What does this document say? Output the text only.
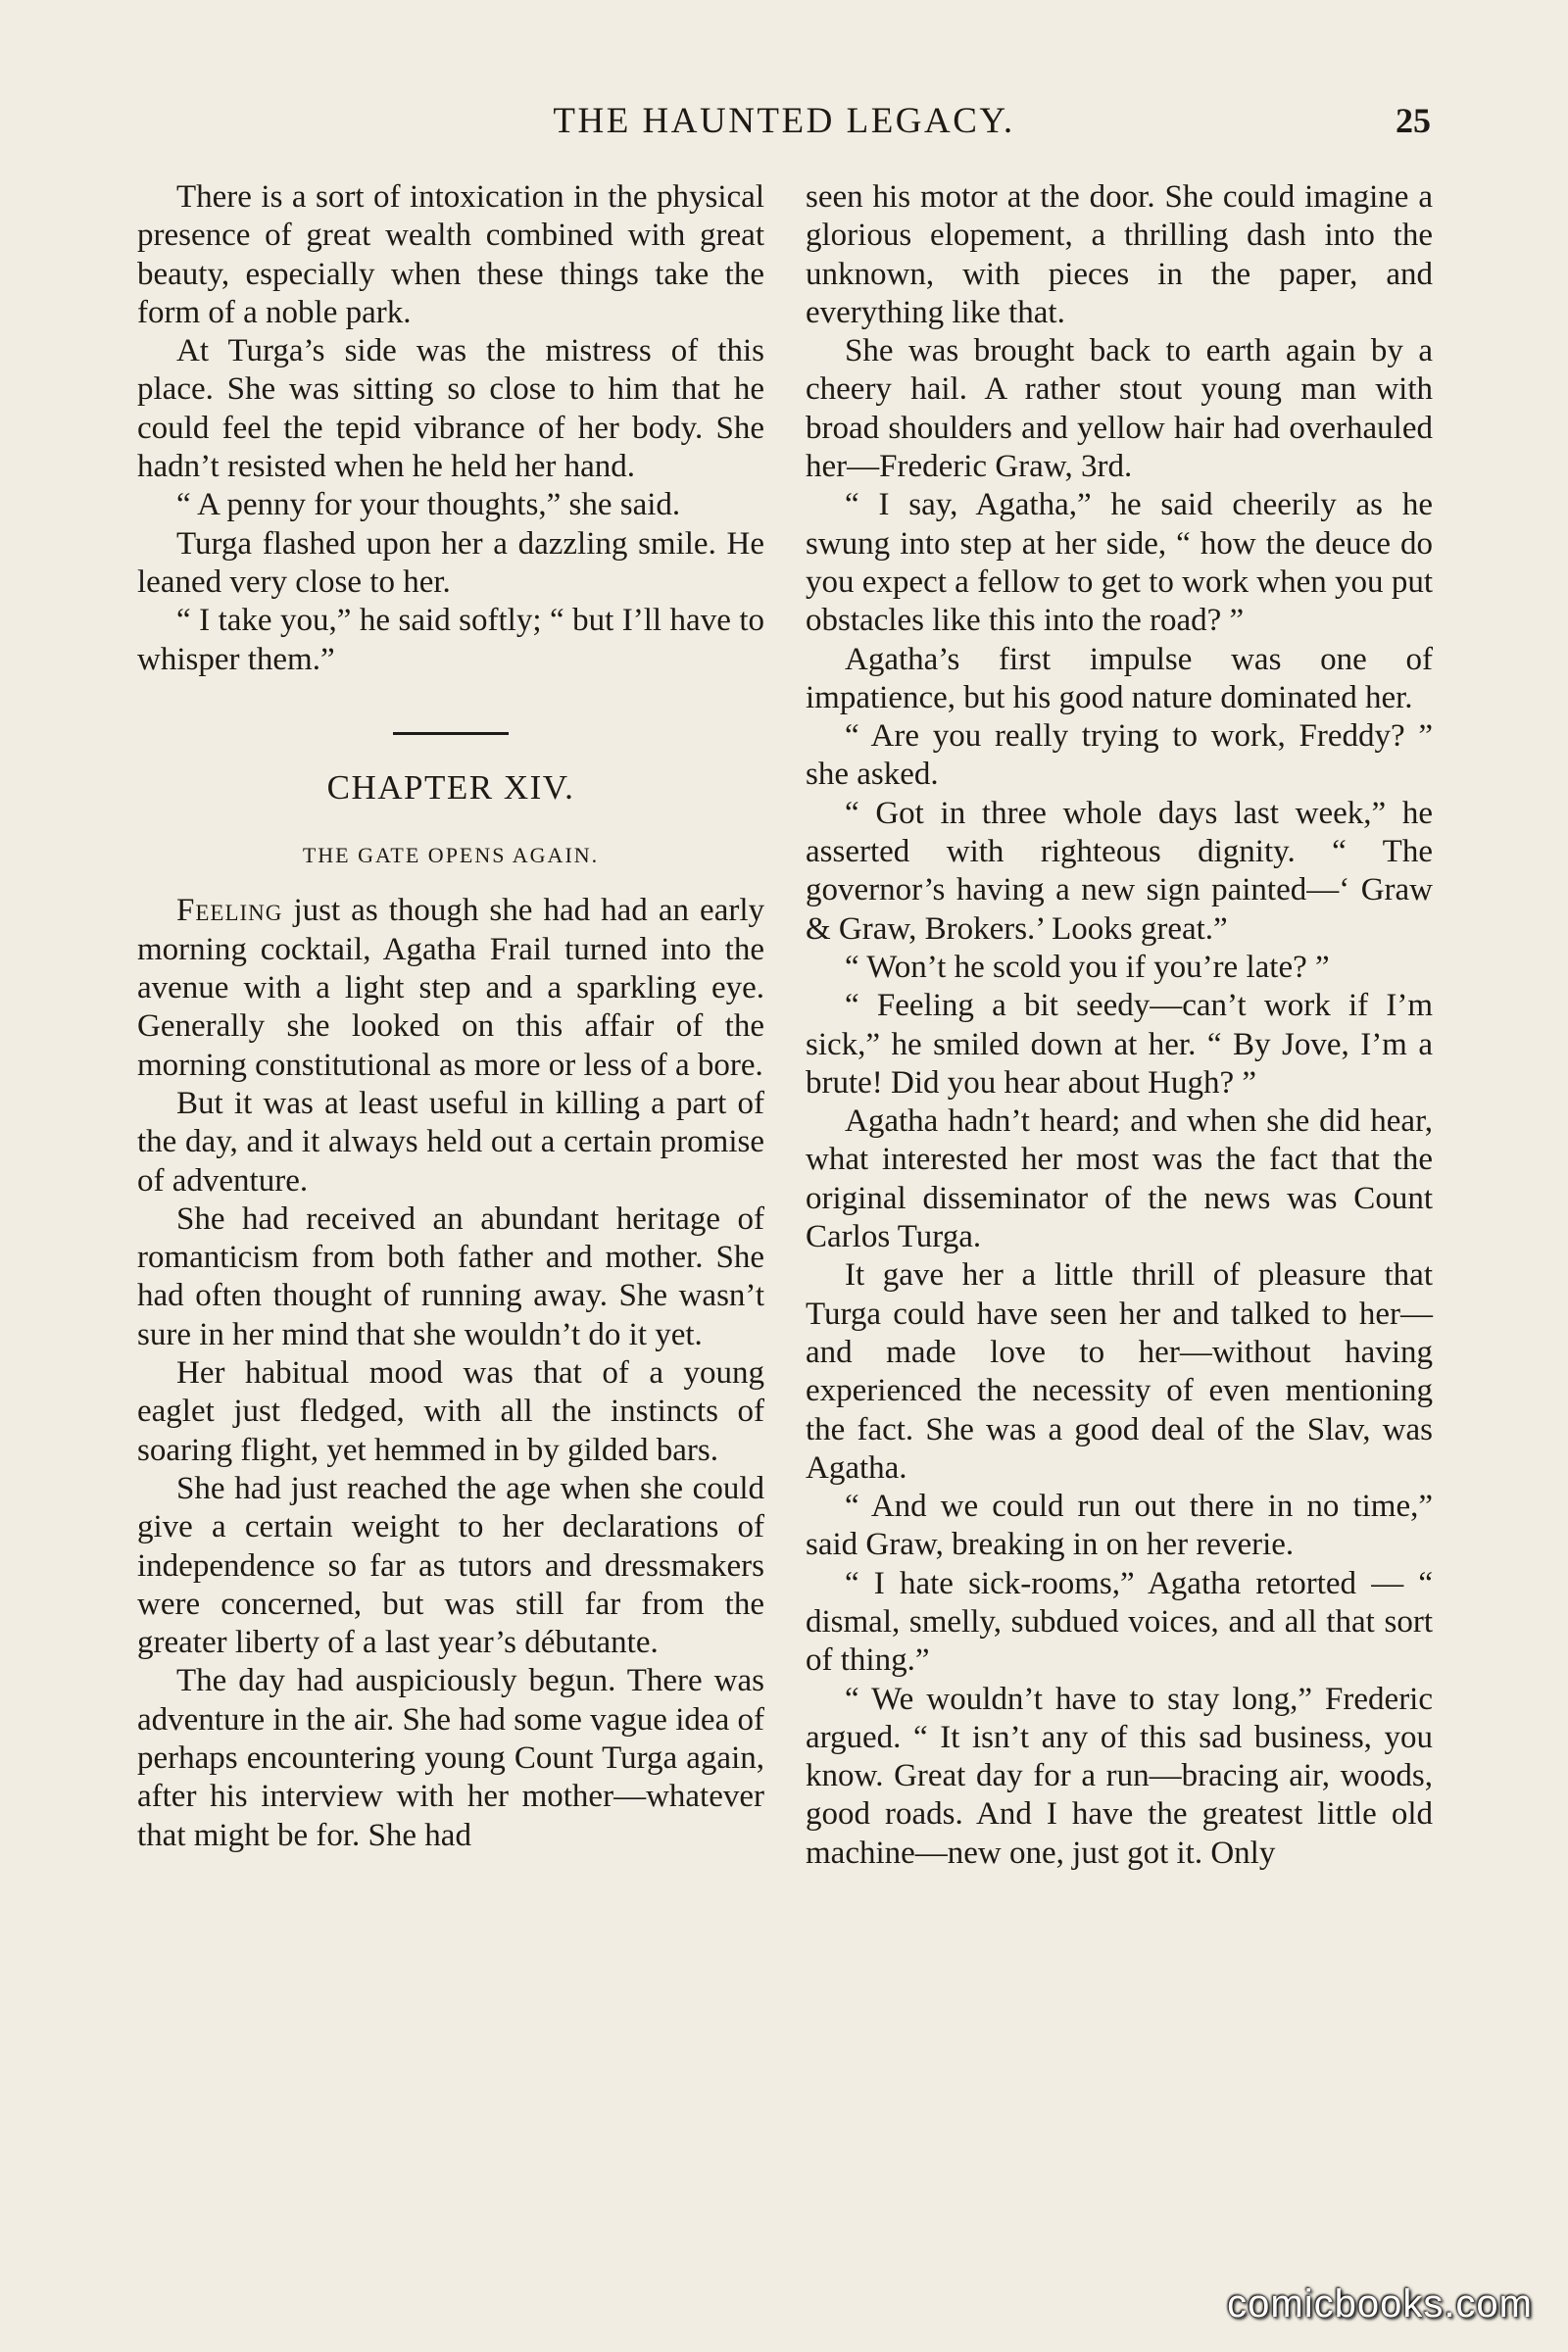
THE HAUNTED LEGACY.	25

There is a sort of intoxication in the physical presence of great wealth combined with great beauty, especially when these things take the form of a noble park.

At Turga’s side was the mistress of this place. She was sitting so close to him that he could feel the tepid vibrance of her body. She hadn’t resisted when he held her hand.

“ A penny for your thoughts,” she said.

Turga flashed upon her a dazzling smile. He leaned very close to her.

“ I take you,” he said softly; “ but I’ll have to whisper them.”

CHAPTER XIV.
THE GATE OPENS AGAIN.

Feeling just as though she had had an early morning cocktail, Agatha Frail turned into the avenue with a light step and a sparkling eye. Generally she looked on this affair of the morning constitutional as more or less of a bore.

But it was at least useful in killing a part of the day, and it always held out a certain promise of adventure.

She had received an abundant heritage of romanticism from both father and mother. She had often thought of running away. She wasn’t sure in her mind that she wouldn’t do it yet.

Her habitual mood was that of a young eaglet just fledged, with all the instincts of soaring flight, yet hemmed in by gilded bars.

She had just reached the age when she could give a certain weight to her declarations of independence so far as tutors and dressmakers were concerned, but was still far from the greater liberty of a last year’s débutante.

The day had auspiciously begun. There was adventure in the air. She had some vague idea of perhaps encountering young Count Turga again, after his interview with her mother—whatever that might be for. She had

seen his motor at the door. She could imagine a glorious elopement, a thrilling dash into the unknown, with pieces in the paper, and everything like that.

She was brought back to earth again by a cheery hail. A rather stout young man with broad shoulders and yellow hair had overhauled her—Frederic Graw, 3rd.

“ I say, Agatha,” he said cheerily as he swung into step at her side, “ how the deuce do you expect a fellow to get to work when you put obstacles like this into the road? ”

Agatha’s first impulse was one of impatience, but his good nature dominated her.

“ Are you really trying to work, Freddy? ” she asked.

“ Got in three whole days last week,” he asserted with righteous dignity. “ The governor’s having a new sign painted—‘ Graw & Graw, Brokers.’ Looks great.”

“ Won’t he scold you if you’re late? ”

“ Feeling a bit seedy—can’t work if I’m sick,” he smiled down at her. “ By Jove, I’m a brute! Did you hear about Hugh? ”

Agatha hadn’t heard; and when she did hear, what interested her most was the fact that the original disseminator of the news was Count Carlos Turga.

It gave her a little thrill of pleasure that Turga could have seen her and talked to her—and made love to her—without having experienced the necessity of even mentioning the fact. She was a good deal of the Slav, was Agatha.

“ And we could run out there in no time,” said Graw, breaking in on her reverie.

“ I hate sick-rooms,” Agatha retorted — “ dismal, smelly, subdued voices, and all that sort of thing.”

“ We wouldn’t have to stay long,” Frederic argued. “ It isn’t any of this sad business, you know. Great day for a run—bracing air, woods, good roads. And I have the greatest little old machine—new one, just got it. Only

comicbooks.com
